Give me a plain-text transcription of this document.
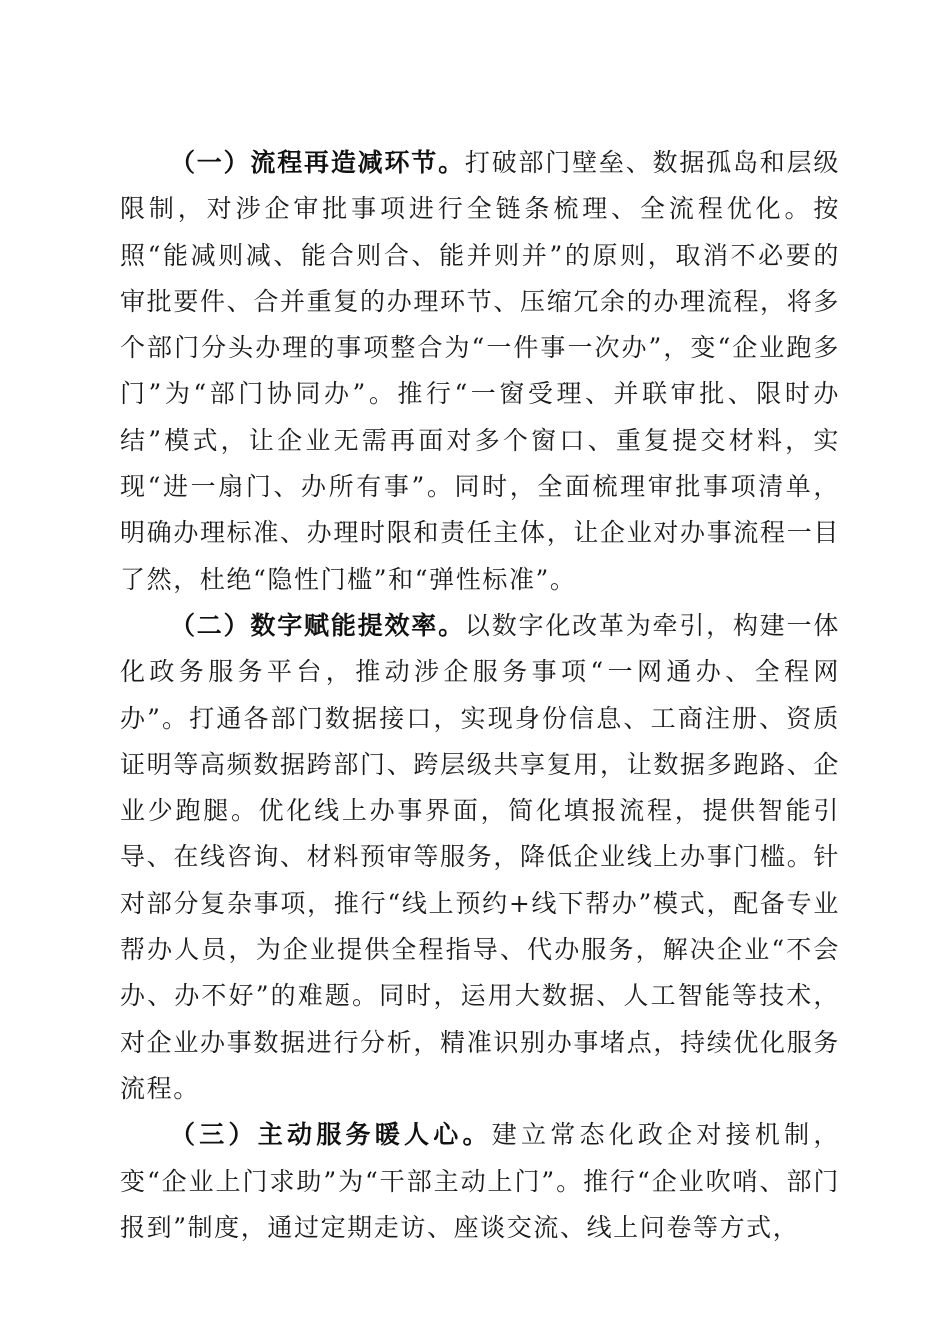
（一）流程再造减环节。打破部门壁垒、数据孤岛和层级限制，对涉企审批事项进行全链条梳理、全流程优化。按照“能减则减、能合则合、能并则并”的原则，取消不必要的审批要件、合并重复的办理环节、压缩冗余的办理流程，将多个部门分头办理的事项整合为“一件事一次办”，变“企业跑多门”为“部门协同办”。推行“一窗受理、并联审批、限时办结”模式，让企业无需再面对多个窗口、重复提交材料，实现“进一扇门、办所有事”。同时，全面梳理审批事项清单，明确办理标准、办理时限和责任主体，让企业对办事流程一目了然，杜绝“隐性门槛”和“弹性标准”。

（二）数字赋能提效率。以数字化改革为牵引，构建一体化政务服务平台，推动涉企服务事项“一网通办、全程网办”。打通各部门数据接口，实现身份信息、工商注册、资质证明等高频数据跨部门、跨层级共享复用，让数据多跑路、企业少跑腿。优化线上办事界面，简化填报流程，提供智能引导、在线咨询、材料预审等服务，降低企业线上办事门槛。针对部分复杂事项，推行“线上预约+线下帮办”模式，配备专业帮办人员，为企业提供全程指导、代办服务，解决企业“不会办、办不好”的难题。同时，运用大数据、人工智能等技术，对企业办事数据进行分析，精准识别办事堵点，持续优化服务流程。

（三）主动服务暖人心。建立常态化政企对接机制，变“企业上门求助”为“干部主动上门”。推行“企业吹哨、部门报到”制度，通过定期走访、座谈交流、线上问卷等方式，
